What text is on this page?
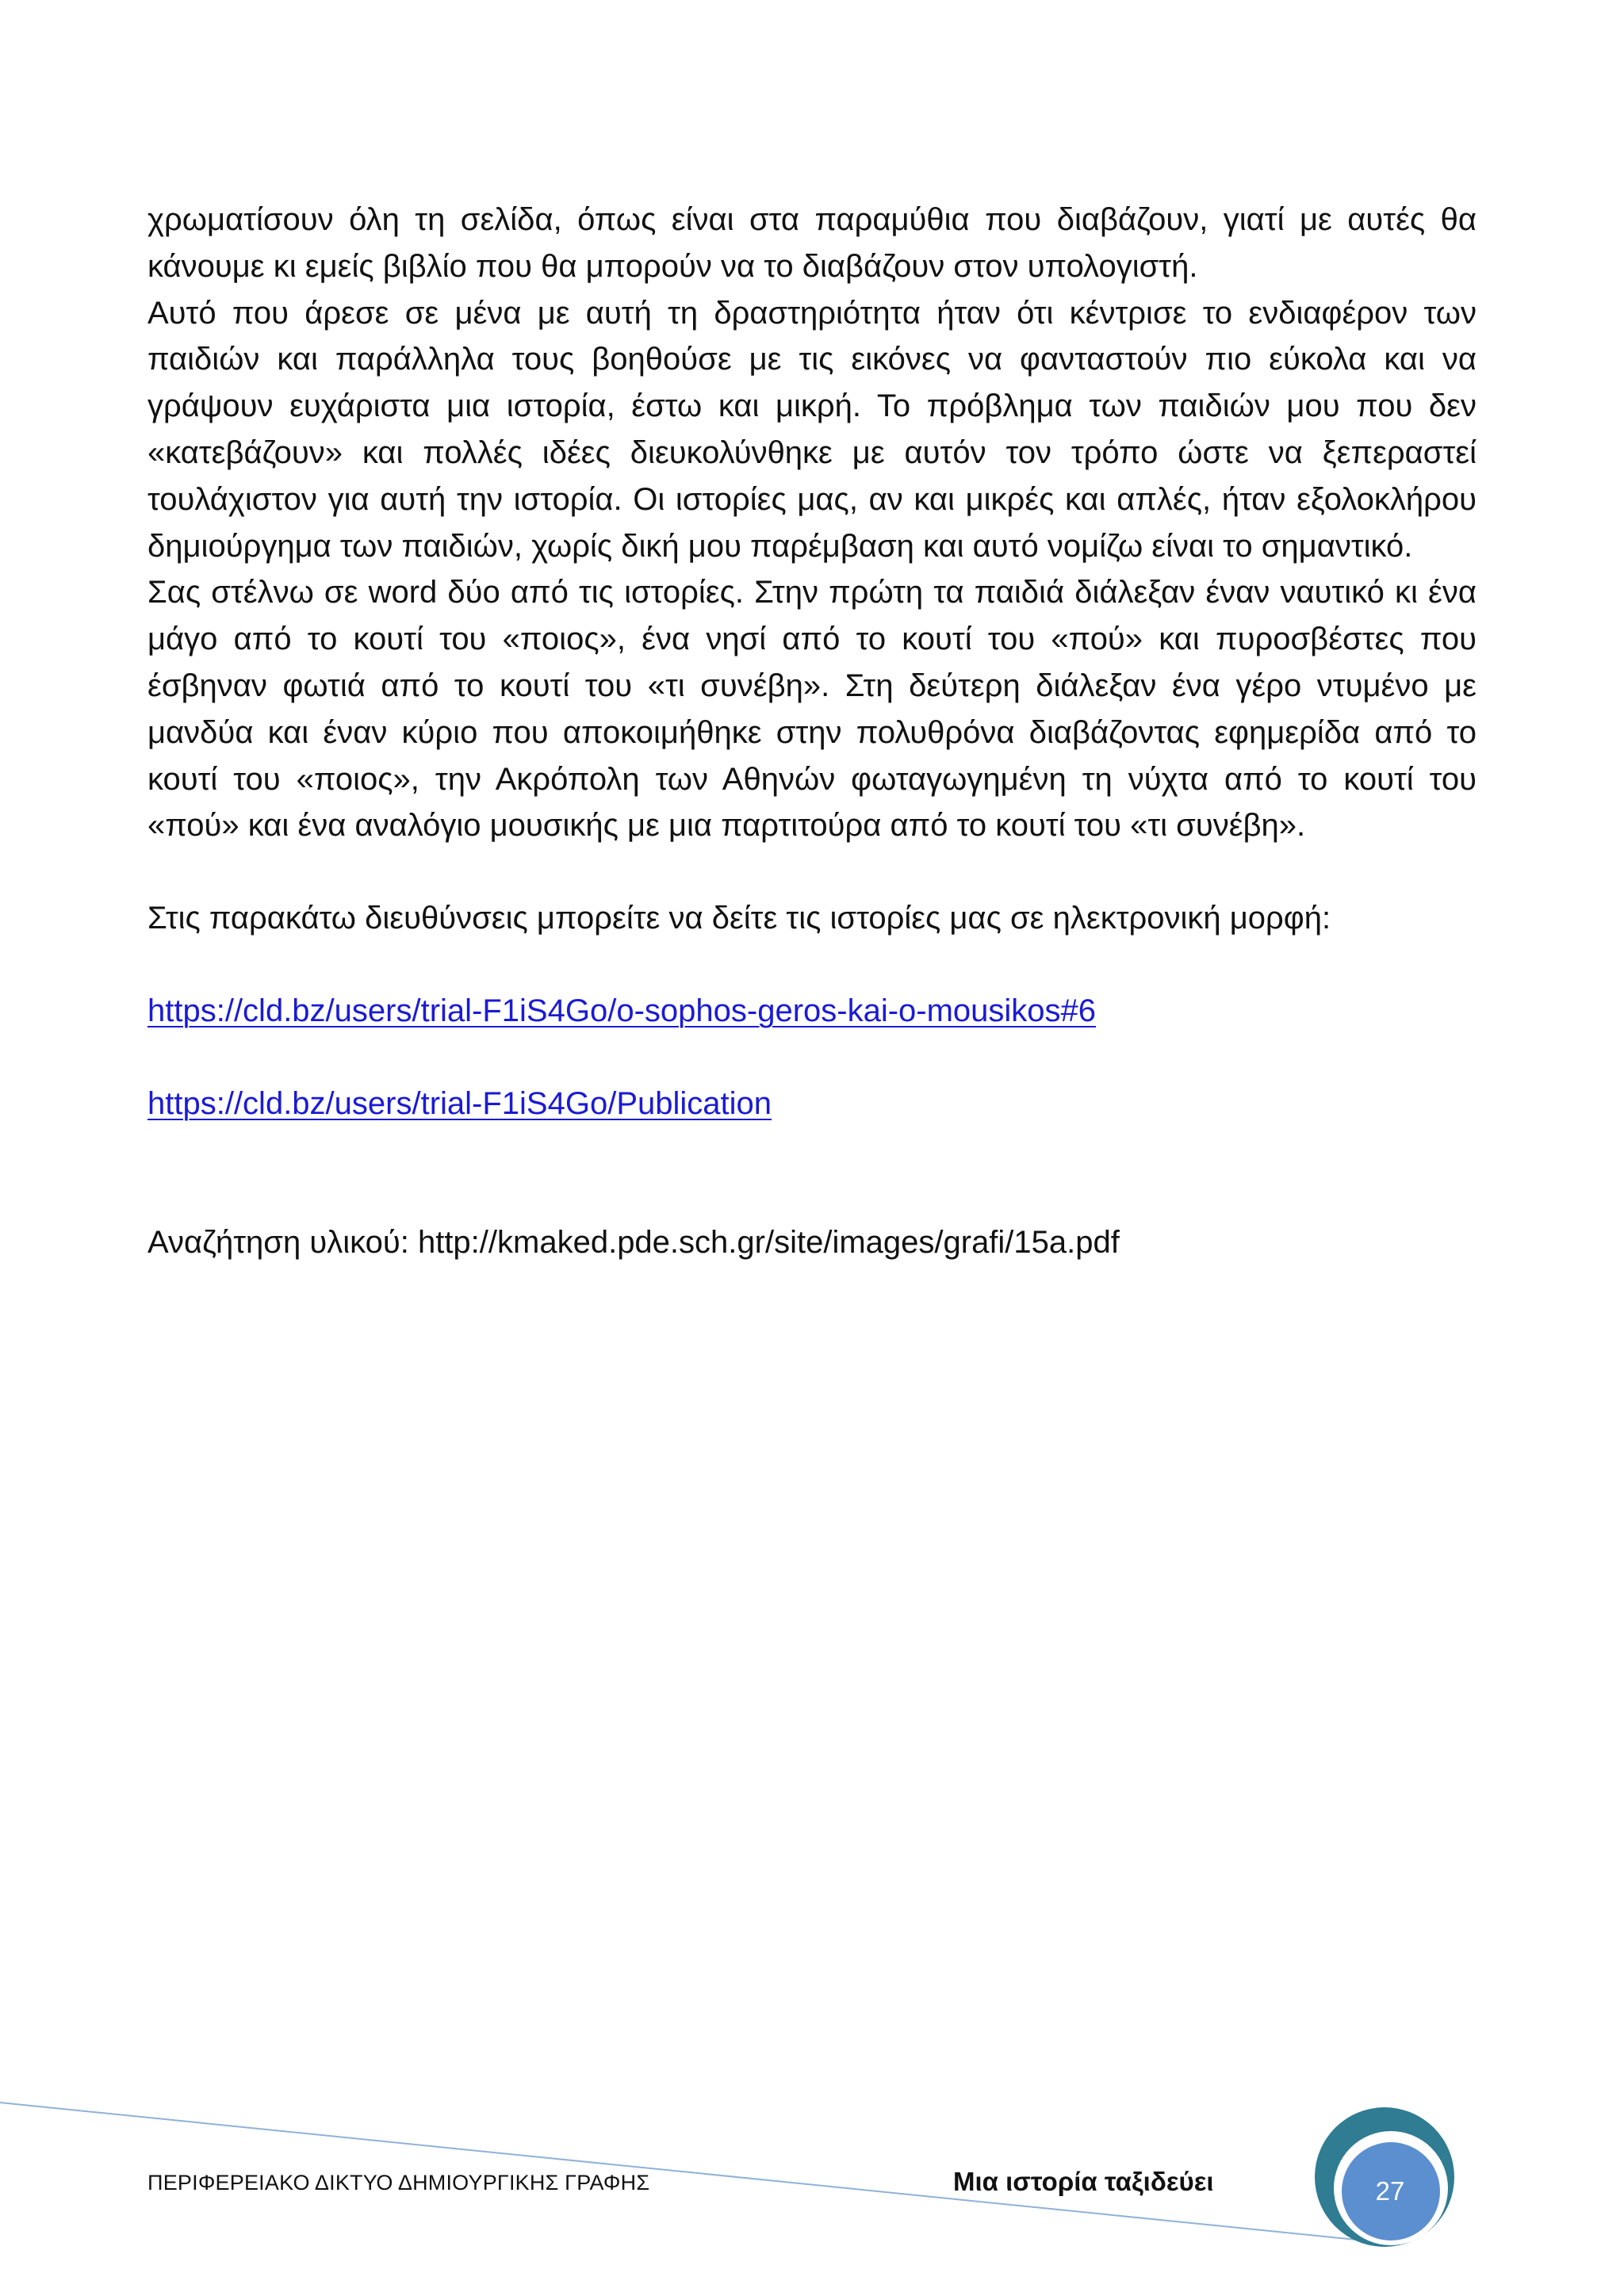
χρωματίσουν όλη τη σελίδα, όπως είναι στα παραμύθια που διαβάζουν, γιατί με αυτές θα κάνουμε κι εμείς βιβλίο που θα μπορούν να το διαβάζουν στον υπολογιστή.

Αυτό που άρεσε σε μένα με αυτή τη δραστηριότητα ήταν ότι κέντρισε το ενδιαφέρον των παιδιών και παράλληλα τους βοηθούσε με τις εικόνες να φανταστούν πιο εύκολα και να γράψουν ευχάριστα μια ιστορία, έστω και μικρή. Το πρόβλημα των παιδιών μου που δεν «κατεβάζουν» και πολλές ιδέες διευκολύνθηκε με αυτόν τον τρόπο ώστε να ξεπεραστεί τουλάχιστον για αυτή την ιστορία. Οι ιστορίες μας, αν και μικρές και απλές, ήταν εξολοκλήρου δημιούργημα των παιδιών, χωρίς δική μου παρέμβαση και αυτό νομίζω είναι το σημαντικό.

Σας στέλνω σε word δύο από τις ιστορίες. Στην πρώτη τα παιδιά διάλεξαν έναν ναυτικό κι ένα μάγο από το κουτί του «ποιος», ένα νησί από το κουτί του «πού» και πυροσβέστες που έσβηναν φωτιά από το κουτί του «τι συνέβη». Στη δεύτερη διάλεξαν ένα γέρο ντυμένο με μανδύα και έναν κύριο που αποκοιμήθηκε στην πολυθρόνα διαβάζοντας εφημερίδα από το κουτί του «ποιος», την Ακρόπολη των Αθηνών φωταγωγημένη τη νύχτα από το κουτί του «πού» και ένα αναλόγιο μουσικής με μια παρτιτούρα από το κουτί του «τι συνέβη».

Στις παρακάτω διευθύνσεις μπορείτε να δείτε τις ιστορίες μας σε ηλεκτρονική μορφή:

https://cld.bz/users/trial-F1iS4Go/o-sophos-geros-kai-o-mousikos#6

https://cld.bz/users/trial-F1iS4Go/Publication

Αναζήτηση υλικού: http://kmaked.pde.sch.gr/site/images/grafi/15a.pdf

ΠΕΡΙΦΕΡΕΙΑΚΟ ΔΙΚΤΥΟ ΔΗΜΙΟΥΡΓΙΚΗΣ ΓΡΑΦΗΣ	Μια ιστορία ταξιδεύει	27
